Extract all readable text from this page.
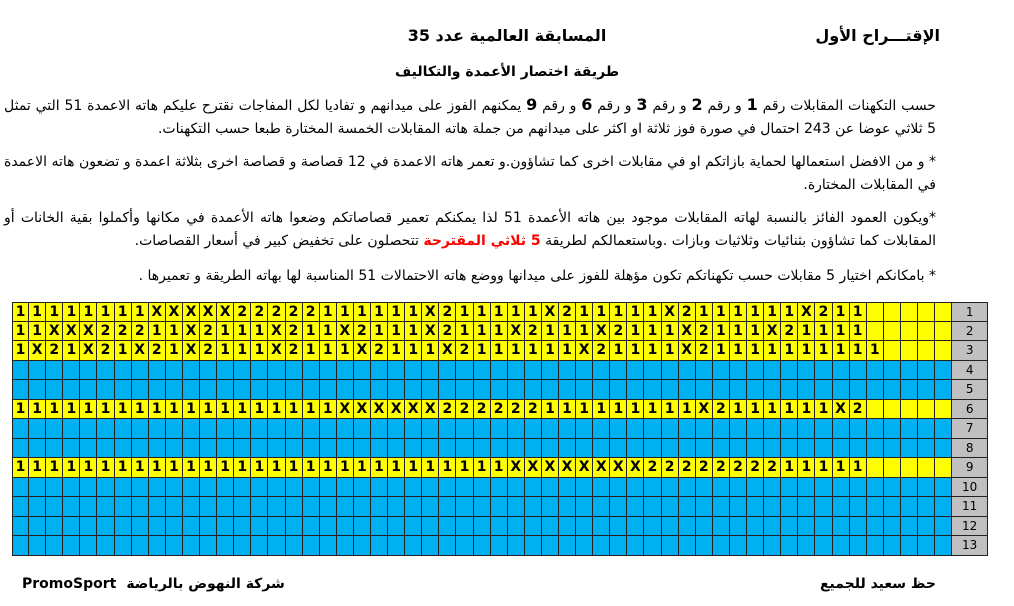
الإقتـــراح الأول
المسابقة العالمية عدد 35
طريقة اختصار الأعمدة والتكاليف
حسب التكهنات المقابلات رقم 1 و رقم 2 و رقم 3 و رقم 6 و رقم 9 يمكنهم الفوز على ميدانهم و تفاديا لكل المفاجات نقترح عليكم هاته الاعمدة 51 التي تمثل 5 ثلاثي عوضا عن 243 احتمال في صورة فوز ثلاثة او اكثر على ميدانهم من جملة هاته المقابلات الخمسة المختارة طبعا حسب التكهنات.
* و من الافضل استعمالها لحماية بازاتكم او في مقابلات اخرى كما تشاؤون.و تعمر هاته الاعمدة في 12 قصاصة و قصاصة اخرى بثلاثة اعمدة و تضعون هاته الاعمدة في المقابلات المختارة.
*ويكون العمود الفائز بالنسبة لهاته المقابلات موجود بين هاته الأعمدة 51 لذا يمكنكم تعمير قصاصاتكم وضعوا هاته الأعمدة في مكانها وأكملوا بقية الخانات أو المقابلات كما تشاؤون بثنائيات وثلاثيات وبازات .وباستعمالكم لطريقة 5 ثلاثي المقترحة تتحصلون على تخفيض كبير في أسعار القصاصات.
* بامكانكم اختيار 5 مقابلات حسب تكهناتكم تكون مؤهلة للفوز على ميدانها ووضع هاته الاحتمالات 51 المناسبة لها بهاته الطريقة و تعميرها .
1 1 1 1 1 1 1 1 X X X X X 2 2 2 2 2 1 1 1 1 1 1 X 2 1 1 1 1 1 X 2 1 1 1 1 1 X 2 1 1 1 1 1 1 X 2 1 1	1
1 1 X X X 2 2 2 1 1 X 2 1 1 1 X 2 1 1 X 2 1 1 1 X 2 1 1 1 X 2 1 1 1 X 2 1 1 1 X 2 1 1 1 X 2 1 1 1 1	2
1 X 2 1 X 2 1 X 2 1 X 2 1 1 1 X 2 1 1 1 X 2 1 1 1 X 2 1 1 1 1 1 1 X 2 1 1 1 1 X 2 1 1 1 1 1 1 1 1 1 1	3
4
5
1 1 1 1 1 1 1 1 1 1 1 1 1 1 1 1 1 1 1 X X X X X X 2 2 2 2 2 2 1 1 1 1 1 1 1 1 1 X 2 1 1 1 1 1 1 X 2	6
7
8
1 1 1 1 1 1 1 1 1 1 1 1 1 1 1 1 1 1 1 1 1 1 1 1 1 1 1 1 1 X X X X X X X X 2 2 2 2 2 2 2 2 1 1 1 1 1	9
10
11
12
13
PromoSport شركة النهوض بالرياضة	حظ سعيد للجميع
